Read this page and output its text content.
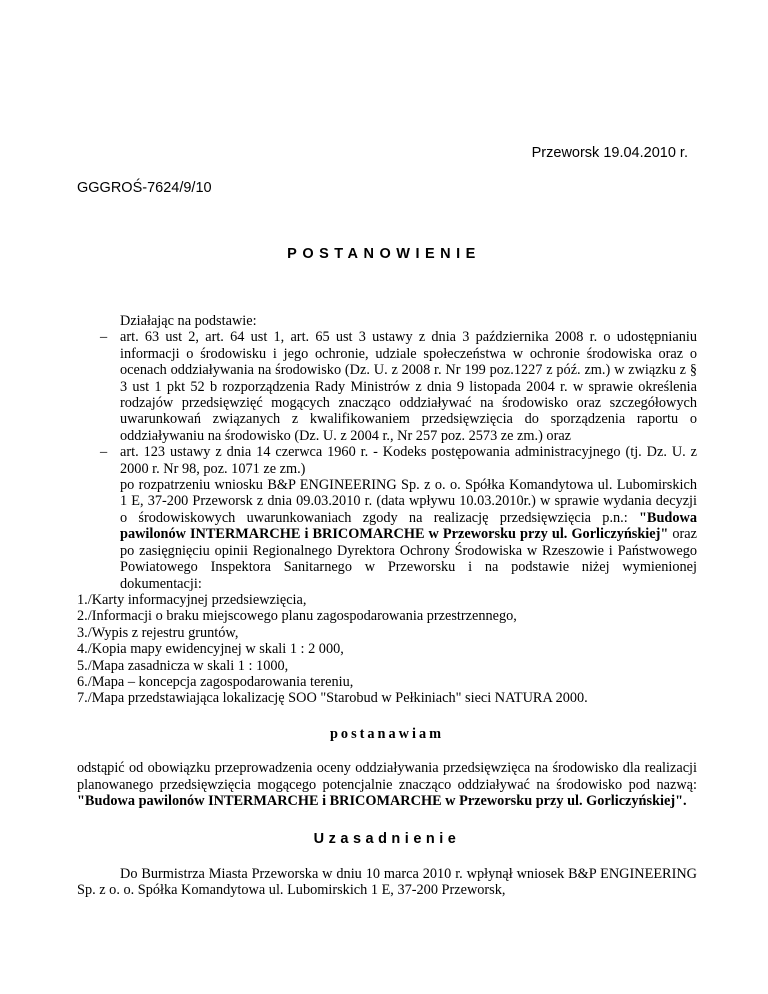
Przeworsk 19.04.2010 r.
GGGROŚ-7624/9/10
POSTANOWIENIE

Działając na podstawie:

– art. 63 ust 2, art. 64 ust 1, art. 65 ust 3 ustawy z dnia 3 października 2008 r. o udostępnianiu informacji o środowisku i jego ochronie, udziale społeczeństwa w ochronie środowiska oraz o ocenach oddziaływania na środowisko (Dz. U. z 2008 r. Nr 199 poz.1227 z póź. zm.) w związku z § 3 ust 1 pkt 52 b rozporządzenia Rady Ministrów z dnia 9 listopada 2004 r. w sprawie określenia rodzajów przedsięwzięć mogących znacząco oddziaływać na środowisko oraz szczegółowych uwarunkowań związanych z kwalifikowaniem przedsięwzięcia do sporządzenia raportu o oddziaływaniu na środowisko (Dz. U. z 2004 r., Nr 257 poz. 2573 ze zm.) oraz
– art. 123 ustawy z dnia 14 czerwca 1960 r. - Kodeks postępowania administracyjnego (tj. Dz. U. z 2000 r. Nr 98, poz. 1071 ze zm.)

po rozpatrzeniu wniosku B&P ENGINEERING Sp. z o. o. Spółka Komandytowa ul. Lubomirskich 1 E, 37-200 Przeworsk z dnia 09.03.2010 r. (data wpływu 10.03.2010r.) w sprawie wydania decyzji o środowiskowych uwarunkowaniach zgody na realizację przedsięwzięcia p.n.: "Budowa pawilonów INTERMARCHE i BRICOMARCHE w Przeworsku przy ul. Gorliczyńskiej" oraz po zasięgnięciu opinii Regionalnego Dyrektora Ochrony Środowiska w Rzeszowie i Państwowego Powiatowego Inspektora Sanitarnego w Przeworsku i na podstawie niżej wymienionej dokumentacji:

1./Karty informacyjnej przedsiewzięcia,
2./Informacji o braku miejscowego planu zagospodarowania przestrzennego,
3./Wypis z rejestru gruntów,
4./Kopia mapy ewidencyjnej w skali 1 : 2 000,
5./Mapa zasadnicza w skali 1 : 1000,
6./Mapa – koncepcja zagospodarowania tereniu,
7./Mapa przedstawiająca lokalizację SOO "Starobud w Pełkiniach" sieci NATURA 2000.

postanawiam

odstąpić od obowiązku przeprowadzenia oceny oddziaływania przedsięwzięca na środowisko dla realizacji planowanego przedsięwzięcia mogącego potencjalnie znacząco oddziaływać na środowisko pod nazwą: "Budowa pawilonów INTERMARCHE i BRICOMARCHE w Przeworsku przy ul. Gorliczyńskiej".

Uzasadnienie

Do Burmistrza Miasta Przeworska w dniu 10 marca 2010 r. wpłynął wniosek B&P ENGINEERING Sp. z o. o. Spółka Komandytowa ul. Lubomirskich 1 E, 37-200 Przeworsk,
